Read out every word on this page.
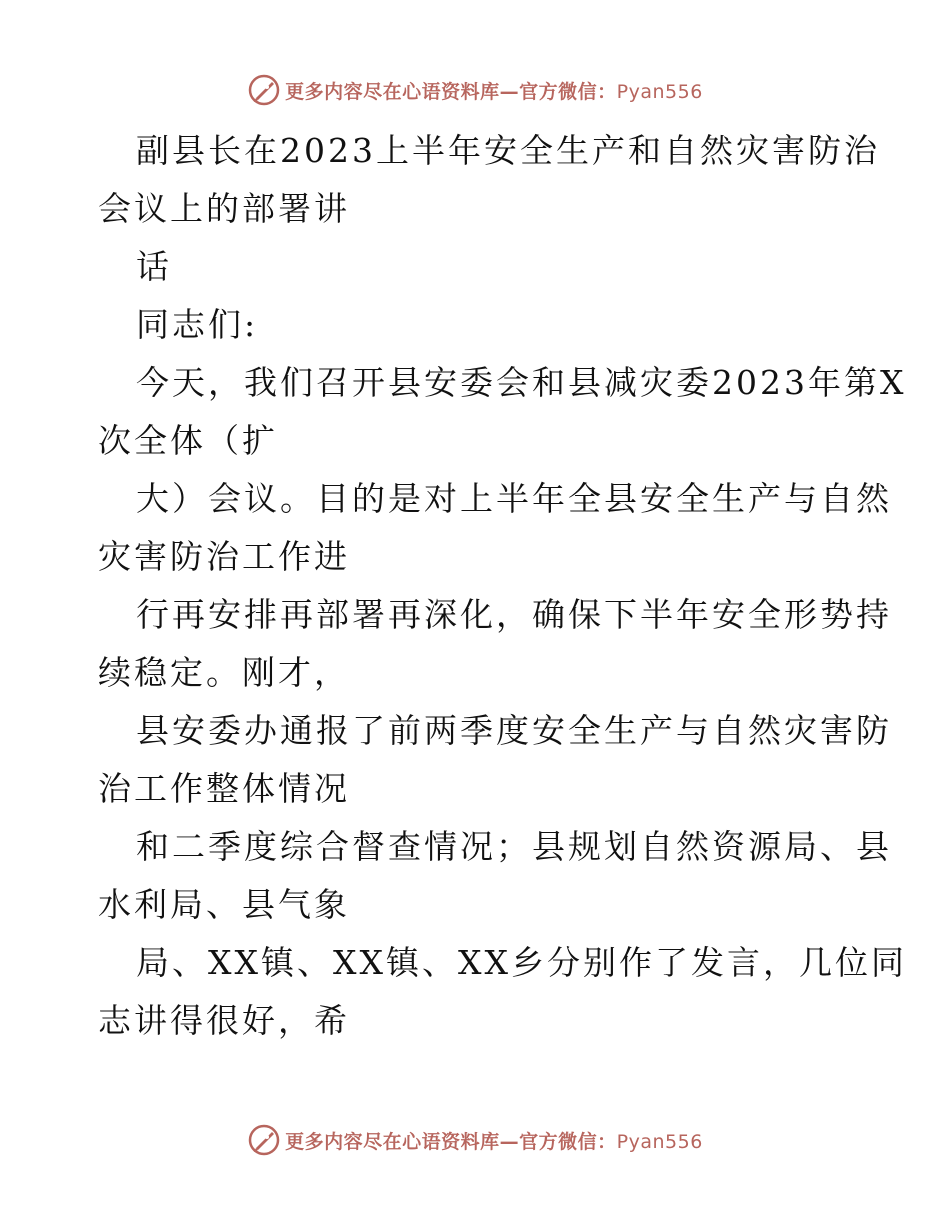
更多内容尽在心语资料库—官方微信：Pyan556
副县长在2023上半年安全生产和自然灾害防治
会议上的部署讲
话
同志们:
今天，我们召开县安委会和县减灾委2023年第X
次全体（扩
大）会议。目的是对上半年全县安全生产与自然
灾害防治工作进
行再安排再部署再深化，确保下半年安全形势持
续稳定。刚才，
县安委办通报了前两季度安全生产与自然灾害防
治工作整体情况
和二季度综合督查情况；县规划自然资源局、县
水利局、县气象
局、XX镇、XX镇、XX乡分别作了发言，几位同
志讲得很好，希
更多内容尽在心语资料库—官方微信：Pyan556
